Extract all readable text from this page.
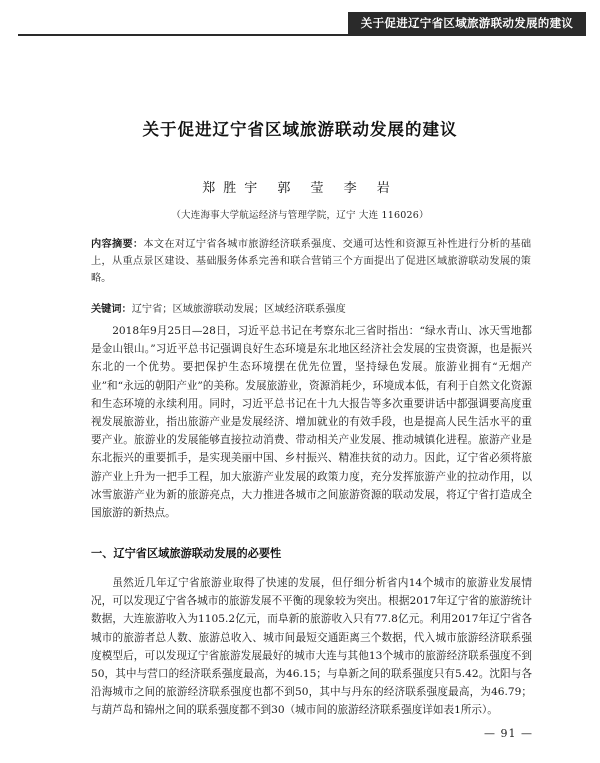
关于促进辽宁省区域旅游联动发展的建议
关于促进辽宁省区域旅游联动发展的建议
郑胜宇 郭 莹 李 岩
（大连海事大学航运经济与管理学院，辽宁 大连 116026）
内容摘要：本文在对辽宁省各城市旅游经济联系强度、交通可达性和资源互补性进行分析的基础上，从重点景区建设、基础服务体系完善和联合营销三个方面提出了促进区域旅游联动发展的策略。
关键词：辽宁省；区域旅游联动发展；区域经济联系强度

2018年9月25日—28日，习近平总书记在考察东北三省时指出：“绿水青山、冰天雪地都是金山银山。”习近平总书记强调良好生态环境是东北地区经济社会发展的宝贵资源，也是振兴东北的一个优势。要把保护生态环境摆在优先位置，坚持绿色发展。旅游业拥有“无烟产业”和“永远的朝阳产业”的美称。发展旅游业，资源消耗少，环境成本低，有利于自然文化资源和生态环境的永续利用。同时，习近平总书记在十九大报告等多次重要讲话中都强调要高度重视发展旅游业，指出旅游产业是发展经济、增加就业的有效手段，也是提高人民生活水平的重要产业。旅游业的发展能够直接拉动消费、带动相关产业发展、推动城镇化进程。旅游产业是东北振兴的重要抓手，是实现美丽中国、乡村振兴、精准扶贫的动力。因此，辽宁省必须将旅游产业上升为一把手工程，加大旅游产业发展的政策力度，充分发挥旅游产业的拉动作用，以冰雪旅游产业为新的旅游亮点，大力推进各城市之间旅游资源的联动发展，将辽宁省打造成全国旅游的新热点。

一、辽宁省区域旅游联动发展的必要性

虽然近几年辽宁省旅游业取得了快速的发展，但仔细分析省内14个城市的旅游业发展情况，可以发现辽宁省各城市的旅游发展不平衡的现象较为突出。根据2017年辽宁省的旅游统计数据，大连旅游收入为1105.2亿元，而阜新的旅游收入只有77.8亿元。利用2017年辽宁省各城市的旅游者总人数、旅游总收入、城市间最短交通距离三个数据，代入城市旅游经济联系强度模型后，可以发现辽宁省旅游发展最好的城市大连与其他13个城市的旅游经济联系强度不到50，其中与营口的经济联系强度最高，为46.15；与阜新之间的联系强度只有5.42。沈阳与各沿海城市之间的旅游经济联系强度也都不到50，其中与丹东的经济联系强度最高，为46.79；与葫芦岛和锦州之间的联系强度都不到30（城市间的旅游经济联系强度详如表1所示）。

— 91 —
